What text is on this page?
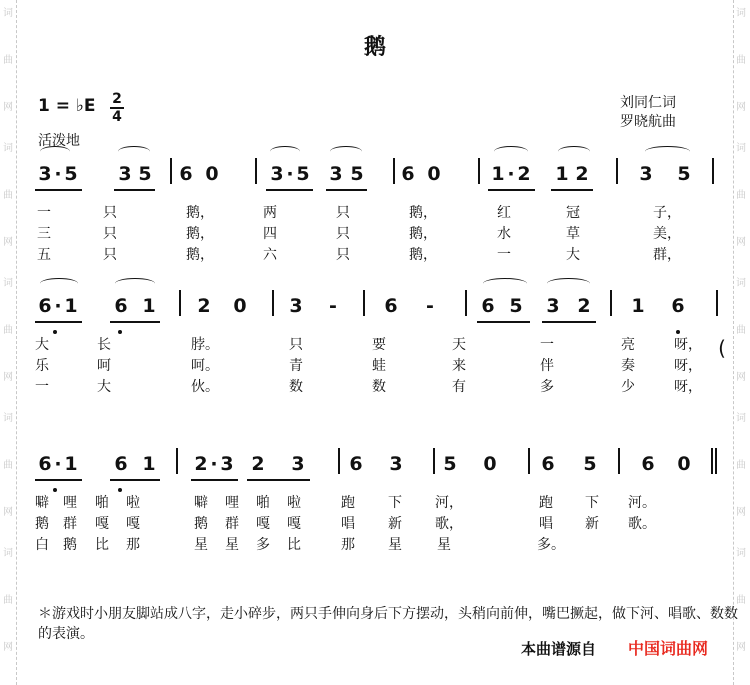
词
曲
网
词
曲
网
词
曲
网
词
曲
网
词
曲
网
词
曲
网
词
曲
网
词
曲
网
词
曲
网
词
曲
网
鹅
1 = ♭E 2
4
活泼地
刘同仁词
罗晓航曲
3 · 5 3 5 6 0	3 · 5 3 5 6 0	1 · 2 1 2	3 5
一	只	鹅，	两	只	鹅，	红	冠	子，
三	只	鹅，	四	只	鹅，	水	草	美，
五	只	鹅，	六	只	鹅，	一	大	群，
6 · 1 6 1 2 0 3	-	6	-	6 5 3 2 1 6
大	长	脖。	只	要	天	一	亮	呀，
乐	呵	呵。	青	蛙	来	伴	奏	呀，
一	大	伙。	数	数	有	多	少	呀，
(
6 · 1 6 1 2 · 3 2 3 6 3 5 0 6 5 6 0
噼 哩 啪 啦	噼 哩 啪 啦	跑 下 河，	跑 下 河。
鹅 群 嘎 嘎	鹅 群 嘎 嘎	唱 新 歌，	唱 新 歌。
白 鹅 比 那	星 星 多 比	那 星	星	多。
＊游戏时小朋友脚站成八字，走小碎步，两只手伸向身后下方摆动，头稍向前伸，嘴巴撅起，做下河、唱歌、数数的表演。
本曲谱源自 中国词曲网
